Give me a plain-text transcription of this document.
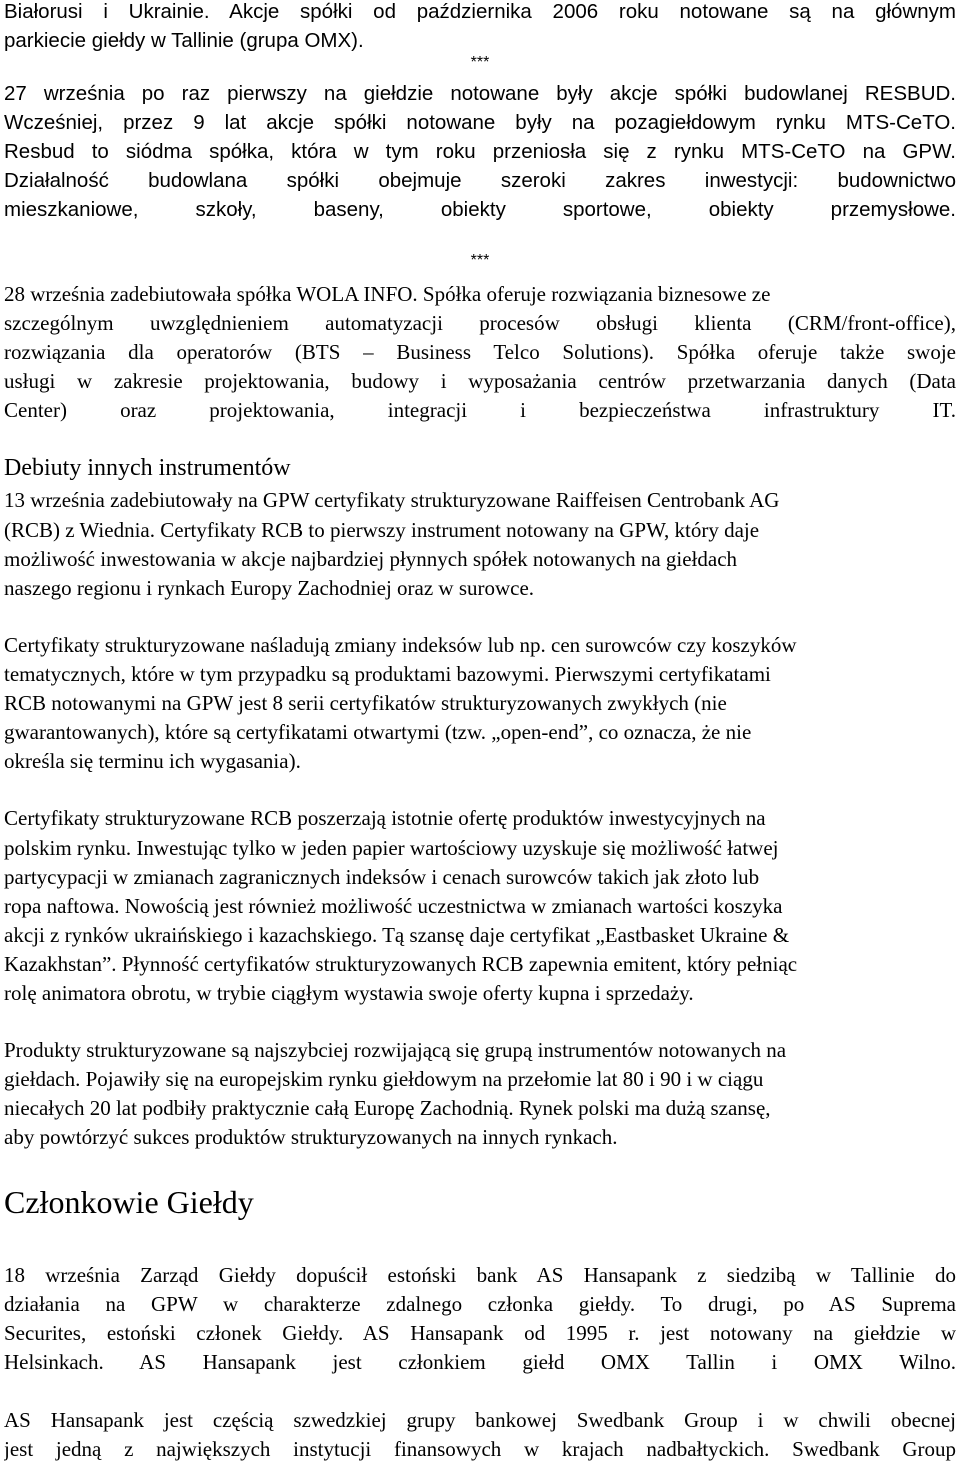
Białorusi i Ukrainie. Akcje spółki od października 2006 roku notowane są na głównym
parkiecie giełdy w Tallinie (grupa OMX).
***
27 września po raz pierwszy na giełdzie notowane były akcje spółki budowlanej RESBUD.
Wcześniej, przez 9 lat akcje spółki notowane były na pozagiełdowym rynku MTS-CeTO.
Resbud to siódma spółka, która w tym roku przeniosła się z rynku MTS-CeTO na GPW.
Działalność budowlana spółki obejmuje szeroki zakres inwestycji: budownictwo
mieszkaniowe, szkoły, baseny, obiekty sportowe, obiekty przemysłowe.
***
28 września zadebiutowała spółka WOLA INFO. Spółka oferuje rozwiązania biznesowe ze
szczególnym uwzględnieniem automatyzacji procesów obsługi klienta (CRM/front-office),
rozwiązania dla operatorów (BTS – Business Telco Solutions). Spółka oferuje także swoje
usługi w zakresie projektowania, budowy i wyposażania centrów przetwarzania danych (Data
Center) oraz projektowania, integracji i bezpieczeństwa infrastruktury IT.
Debiuty innych instrumentów
13 września zadebiutowały na GPW certyfikaty strukturyzowane Raiffeisen Centrobank AG
(RCB) z Wiednia. Certyfikaty RCB to pierwszy instrument notowany na GPW, który daje
możliwość inwestowania w akcje najbardziej płynnych spółek notowanych na giełdach
naszego regionu i rynkach Europy Zachodniej oraz w surowce.
Certyfikaty strukturyzowane naśladują zmiany indeksów lub np. cen surowców czy koszyków
tematycznych, które w tym przypadku są produktami bazowymi. Pierwszymi certyfikatami
RCB notowanymi na GPW jest 8 serii certyfikatów strukturyzowanych zwykłych (nie
gwarantowanych), które są certyfikatami otwartymi (tzw. „open-end”, co oznacza, że nie
określa się terminu ich wygasania).
Certyfikaty strukturyzowane RCB poszerzają istotnie ofertę produktów inwestycyjnych na
polskim rynku. Inwestując tylko w jeden papier wartościowy uzyskuje się możliwość łatwej
partycypacji w zmianach zagranicznych indeksów i cenach surowców takich jak złoto lub
ropa naftowa. Nowością jest również możliwość uczestnictwa w zmianach wartości koszyka
akcji z rynków ukraińskiego i kazachskiego. Tą szansę daje certyfikat „Eastbasket Ukraine &
Kazakhstan”. Płynność certyfikatów strukturyzowanych RCB zapewnia emitent, który pełniąc
rolę animatora obrotu, w trybie ciągłym wystawia swoje oferty kupna i sprzedaży.
Produkty strukturyzowane są najszybciej rozwijającą się grupą instrumentów notowanych na
giełdach. Pojawiły się na europejskim rynku giełdowym na przełomie lat 80 i 90 i w ciągu
niecałych 20 lat podbiły praktycznie całą Europę Zachodnią. Rynek polski ma dużą szansę,
aby powtórzyć sukces produktów strukturyzowanych na innych rynkach.
Członkowie Giełdy
18 września Zarząd Giełdy dopuścił estoński bank AS Hansapank z siedzibą w Tallinie do
działania na GPW w charakterze zdalnego członka giełdy. To drugi, po AS Suprema
Securites, estoński członek Giełdy. AS Hansapank od 1995 r. jest notowany na giełdzie w
Helsinkach. AS Hansapank jest członkiem giełd OMX Tallin i OMX Wilno.
AS Hansapank jest częścią szwedzkiej grupy bankowej Swedbank Group i w chwili obecnej
jest jedną z największych instytucji finansowych w krajach nadbałtyckich. Swedbank Group
